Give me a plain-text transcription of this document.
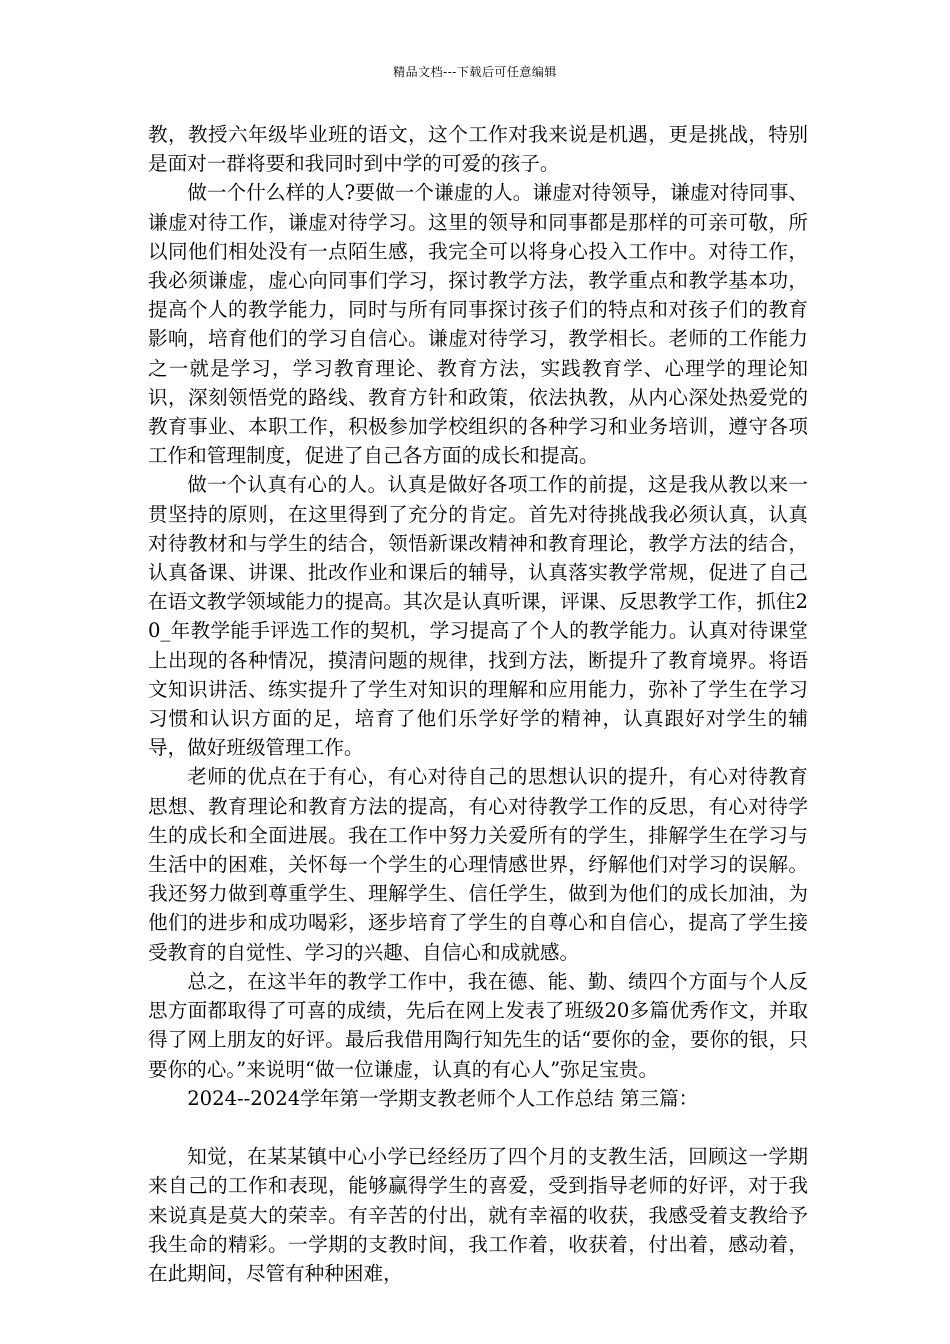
精品文档---下载后可任意编辑

教，教授六年级毕业班的语文，这个工作对我来说是机遇，更是挑战，特别是面对一群将要和我同时到中学的可爱的孩子。

做一个什么样的人?要做一个谦虚的人。谦虚对待领导，谦虚对待同事、谦虚对待工作，谦虚对待学习。这里的领导和同事都是那样的可亲可敬，所以同他们相处没有一点陌生感，我完全可以将身心投入工作中。对待工作，我必须谦虚，虚心向同事们学习，探讨教学方法，教学重点和教学基本功，提高个人的教学能力，同时与所有同事探讨孩子们的特点和对孩子们的教育影响，培育他们的学习自信心。谦虚对待学习，教学相长。老师的工作能力之一就是学习，学习教育理论、教育方法，实践教育学、心理学的理论知识，深刻领悟党的路线、教育方针和政策，依法执教，从内心深处热爱党的教育事业、本职工作，积极参加学校组织的各种学习和业务培训，遵守各项工作和管理制度，促进了自己各方面的成长和提高。

做一个认真有心的人。认真是做好各项工作的前提，这是我从教以来一贯坚持的原则，在这里得到了充分的肯定。首先对待挑战我必须认真，认真对待教材和与学生的结合，领悟新课改精神和教育理论，教学方法的结合，认真备课、讲课、批改作业和课后的辅导，认真落实教学常规，促进了自己在语文教学领域能力的提高。其次是认真听课，评课、反思教学工作，抓住20_年教学能手评选工作的契机，学习提高了个人的教学能力。认真对待课堂上出现的各种情况，摸清问题的规律，找到方法，断提升了教育境界。将语文知识讲活、练实提升了学生对知识的理解和应用能力，弥补了学生在学习习惯和认识方面的足，培育了他们乐学好学的精神，认真跟好对学生的辅导，做好班级管理工作。

老师的优点在于有心，有心对待自己的思想认识的提升，有心对待教育思想、教育理论和教育方法的提高，有心对待教学工作的反思，有心对待学生的成长和全面进展。我在工作中努力关爱所有的学生，排解学生在学习与生活中的困难，关怀每一个学生的心理情感世界，纾解他们对学习的误解。我还努力做到尊重学生、理解学生、信任学生，做到为他们的成长加油，为他们的进步和成功喝彩，逐步培育了学生的自尊心和自信心，提高了学生接受教育的自觉性、学习的兴趣、自信心和成就感。

总之，在这半年的教学工作中，我在德、能、勤、绩四个方面与个人反思方面都取得了可喜的成绩，先后在网上发表了班级20多篇优秀作文，并取得了网上朋友的好评。最后我借用陶行知先生的话“要你的金，要你的银，只要你的心。”来说明“做一位谦虚，认真的有心人”弥足宝贵。

2024--2024学年第一学期支教老师个人工作总结 第三篇：

知觉，在某某镇中心小学已经经历了四个月的支教生活，回顾这一学期来自己的工作和表现，能够赢得学生的喜爱，受到指导老师的好评，对于我来说真是莫大的荣幸。有辛苦的付出，就有幸福的收获，我感受着支教给予我生命的精彩。一学期的支教时间，我工作着，收获着，付出着，感动着，在此期间，尽管有种种困难，
